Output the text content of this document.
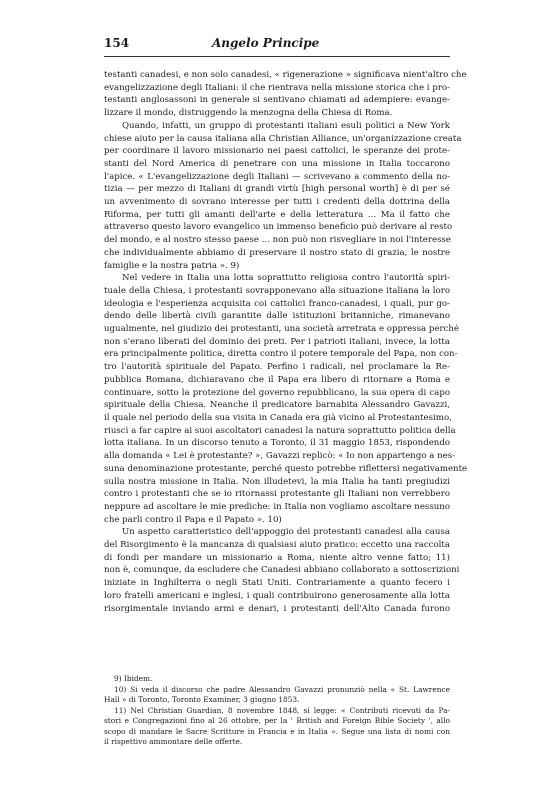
154	Angelo Principe
testanti canadesi, e non solo canadesi, « rigenerazione » significava nient'altro che
evangelizzazione degli Italiani: il che rientrava nella missione storica che i pro-
testanti anglosassoni in generale si sentivano chiamati ad adempiere: evange-
lizzare il mondo, distruggendo la menzogna della Chiesa di Roma.
Quando, infatti, un gruppo di protestanti italiani esuli politici a New York
chiese aiuto per la causa italiana alla Christian Alliance, un'organizzazione creata
per coordinare il lavoro missionario nei paesi cattolici, le speranze dei prote-
stanti del Nord America di penetrare con una missione in Italia toccarono
l'apice. « L'evangelizzazione degli Italiani — scrivevano a commento della no-
tizia — per mezzo di Italiani di grandi virtù [high personal worth] è di per sé
un avvenimento di sovrano interesse per tutti i credenti della dottrina della
Riforma, per tutti gli amanti dell'arte e della letteratura ... Ma il fatto che
attraverso questo lavoro evangelico un immenso beneficio può derivare al resto
del mondo, e al nostro stesso paese ... non può non risvegliare in noi l'interesse
che individualmente abbiamo di preservare il nostro stato di grazia, le nostre
famiglie e la nostra patria ». 9)
Nel vedere in Italia una lotta soprattutto religiosa contro l'autorità spiri-
tuale della Chiesa, i protestanti sovrapponevano alla situazione italiana la loro
ideologia e l'esperienza acquisita coi cattolici franco-canadesi, i quali, pur go-
dendo delle libertà civili garantite dalle istituzioni britanniche, rimanevano
ugualmente, nel giudizio dei protestanti, una società arretrata e oppressa perché
non s'erano liberati del dominio dei preti. Per i patrioti italiani, invece, la lotta
era principalmente politica, diretta contro il potere temporale del Papa, non con-
tro l'autorità spirituale del Papato. Perfino i radicali, nel proclamare la Re-
pubblica Romana, dichiaravano che il Papa era libero di ritornare a Roma e
continuare, sotto la protezione del governo repubblicano, la sua opera di capo
spirituale della Chiesa. Neanche il predicatore barnabita Alessandro Gavazzi,
il quale nel periodo della sua visita in Canada era già vicino al Protestantesimo,
riuscì a far capire ai suoi ascoltatori canadesi la natura soprattutto politica della
lotta italiana. In un discorso tenuto a Toronto, il 31 maggio 1853, rispondendo
alla domanda « Lei è protestante? », Gavazzi replicò: « Io non appartengo a nes-
suna denominazione protestante, perché questo potrebbe riflettersi negativamente
sulla nostra missione in Italia. Non illudetevi, la mia Italia ha tanti pregiudizi
contro i protestanti che se io ritornassi protestante gli Italiani non verrebbero
neppure ad ascoltare le mie prediche: in Italia non vogliamo ascoltare nessuno
che parli contro il Papa e il Papato ». 10)
Un aspetto caratteristico dell'appoggio dei protestanti canadesi alla causa
del Risorgimento è la mancanza di qualsiasi aiuto pratico: eccetto una raccolta
di fondi per mandare un missionario a Roma, niente altro venne fatto; 11)
non è, comunque, da escludere che Canadesi abbiano collaborato a sottoscrizioni
iniziate in Inghilterra o negli Stati Uniti. Contrariamente a quanto fecero i
loro fratelli americani e inglesi, i quali contribuirono generosamente alla lotta
risorgimentale inviando armi e denari, i protestanti dell'Alto Canada furono
9) Ibidem.
10) Si veda il discorso che padre Alessandro Gavazzi pronunziò nella « St. Lawrence
Hall » di Toronto, Toronto Examiner, 3 giugno 1853.
11) Nel Christian Guardian, 8 novembre 1848, si legge: « Contributi ricevuti da Pa-
stori e Congregazioni fino al 26 ottobre, per la ' British and Foreign Bible Society ', allo
scopo di mandare le Sacre Scritture in Francia e in Italia ». Segue una lista di nomi con
il rispettivo ammontare delle offerte.
